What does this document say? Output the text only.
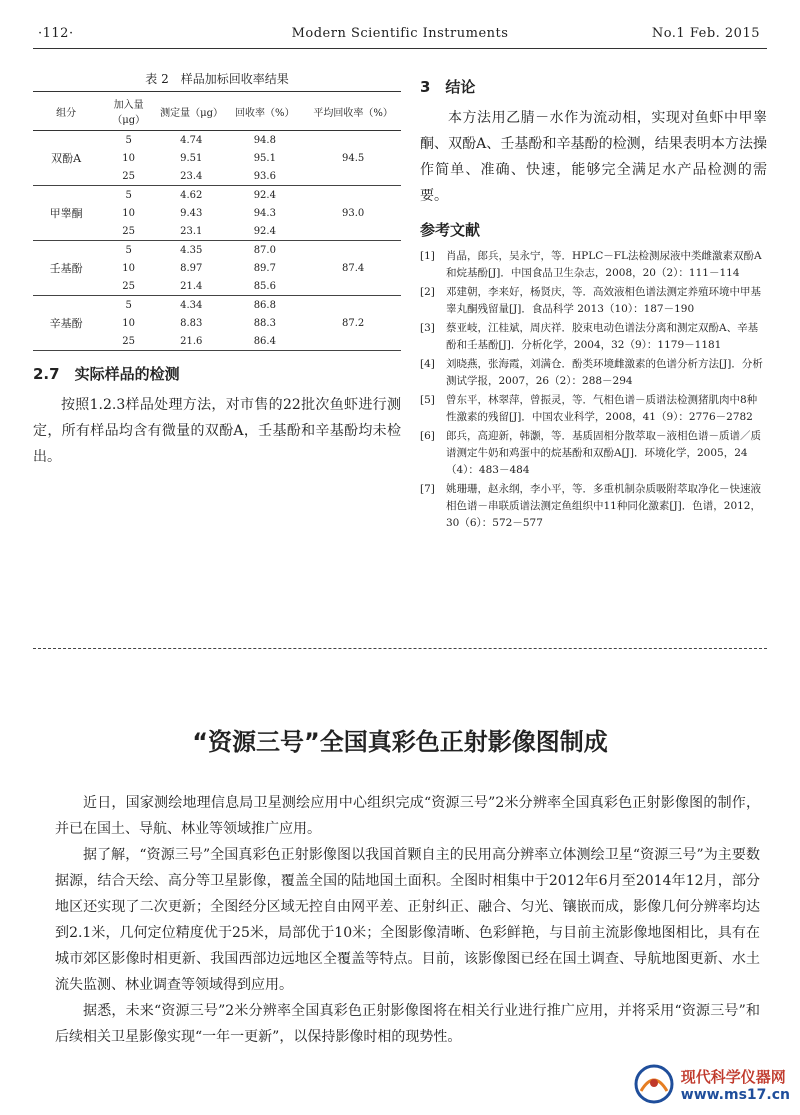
·112·	Modern Scientific Instruments	No.1 Feb. 2015
表 2　样品加标回收率结果
组分	加入量（μg）	测定量（μg）	回收率（%）	平均回收率（%）
	5	4.74	94.8	
双酚A	10	9.51	95.1	94.5
	25	23.4	93.6	
	5	4.62	92.4	
甲睾酮	10	9.43	94.3	93.0
	25	23.1	92.4	
	5	4.35	87.0	
壬基酚	10	8.97	89.7	87.4
	25	21.4	85.6	
	5	4.34	86.8	
辛基酚	10	8.83	88.3	87.2
	25	21.6	86.4	
2.7　实际样品的检测
按照1.2.3样品处理方法，对市售的22批次鱼虾进行测定，所有样品均含有微量的双酚A，壬基酚和辛基酚均未检出。
3　结论
本方法用乙腈－水作为流动相，实现对鱼虾中甲睾酮、双酚A、壬基酚和辛基酚的检测，结果表明本方法操作简单、准确、快速，能够完全满足水产品检测的需要。
参考文献
[1]	肖晶，郎兵，吴永宁，等．HPLC－FL法检测尿液中类雌激素双酚A和烷基酚[J]．中国食品卫生杂志，2008，20（2）：111－114
[2]	邓建朝，李来好，杨贤庆，等．高效液相色谱法测定养殖环境中甲基睾丸酮残留量[J]．食品科学 2013（10）：187－190
[3]	蔡亚岐，江桂斌，周庆祥．胶束电动色谱法分离和测定双酚A、辛基酚和壬基酚[J]．分析化学，2004，32（9）：1179－1181
[4]	刘晓燕，张海霞，刘满仓．酚类环境雌激素的色谱分析方法[J]．分析测试学报，2007，26（2）：288－294
[5]	曾东平，林翠萍，曾振灵，等．气相色谱－质谱法检测猪肌肉中8种性激素的残留[J]．中国农业科学，2008，41（9）：2776－2782
[6]	郎兵，高迎新，韩灏，等．基质固相分散萃取－液相色谱－质谱／质谱测定牛奶和鸡蛋中的烷基酚和双酚A[J]．环境化学，2005，24（4）：483－484
[7]	姚珊珊，赵永纲，李小平，等．多重机制杂质吸附萃取净化－快速液相色谱－串联质谱法测定鱼组织中11种同化激素[J]．色谱，2012，30（6）：572－577
“资源三号”全国真彩色正射影像图制成
近日，国家测绘地理信息局卫星测绘应用中心组织完成“资源三号”2米分辨率全国真彩色正射影像图的制作，并已在国土、导航、林业等领域推广应用。
据了解，“资源三号”全国真彩色正射影像图以我国首颗自主的民用高分辨率立体测绘卫星“资源三号”为主要数据源，结合天绘、高分等卫星影像，覆盖全国的陆地国土面积。全图时相集中于2012年6月至2014年12月，部分地区还实现了二次更新；全图经分区域无控自由网平差、正射纠正、融合、匀光、镶嵌而成，影像几何分辨率均达到2.1米，几何定位精度优于25米，局部优于10米；全图影像清晰、色彩鲜艳，与目前主流影像地图相比，具有在城市郊区影像时相更新、我国西部边远地区全覆盖等特点。目前，该影像图已经在国土调查、导航地图更新、水土流失监测、林业调查等领域得到应用。
据悉，未来“资源三号”2米分辨率全国真彩色正射影像图将在相关行业进行推广应用，并将采用“资源三号”和后续相关卫星影像实现“一年一更新”，以保持影像时相的现势性。
现代科学仪器网
www.ms17.cn
